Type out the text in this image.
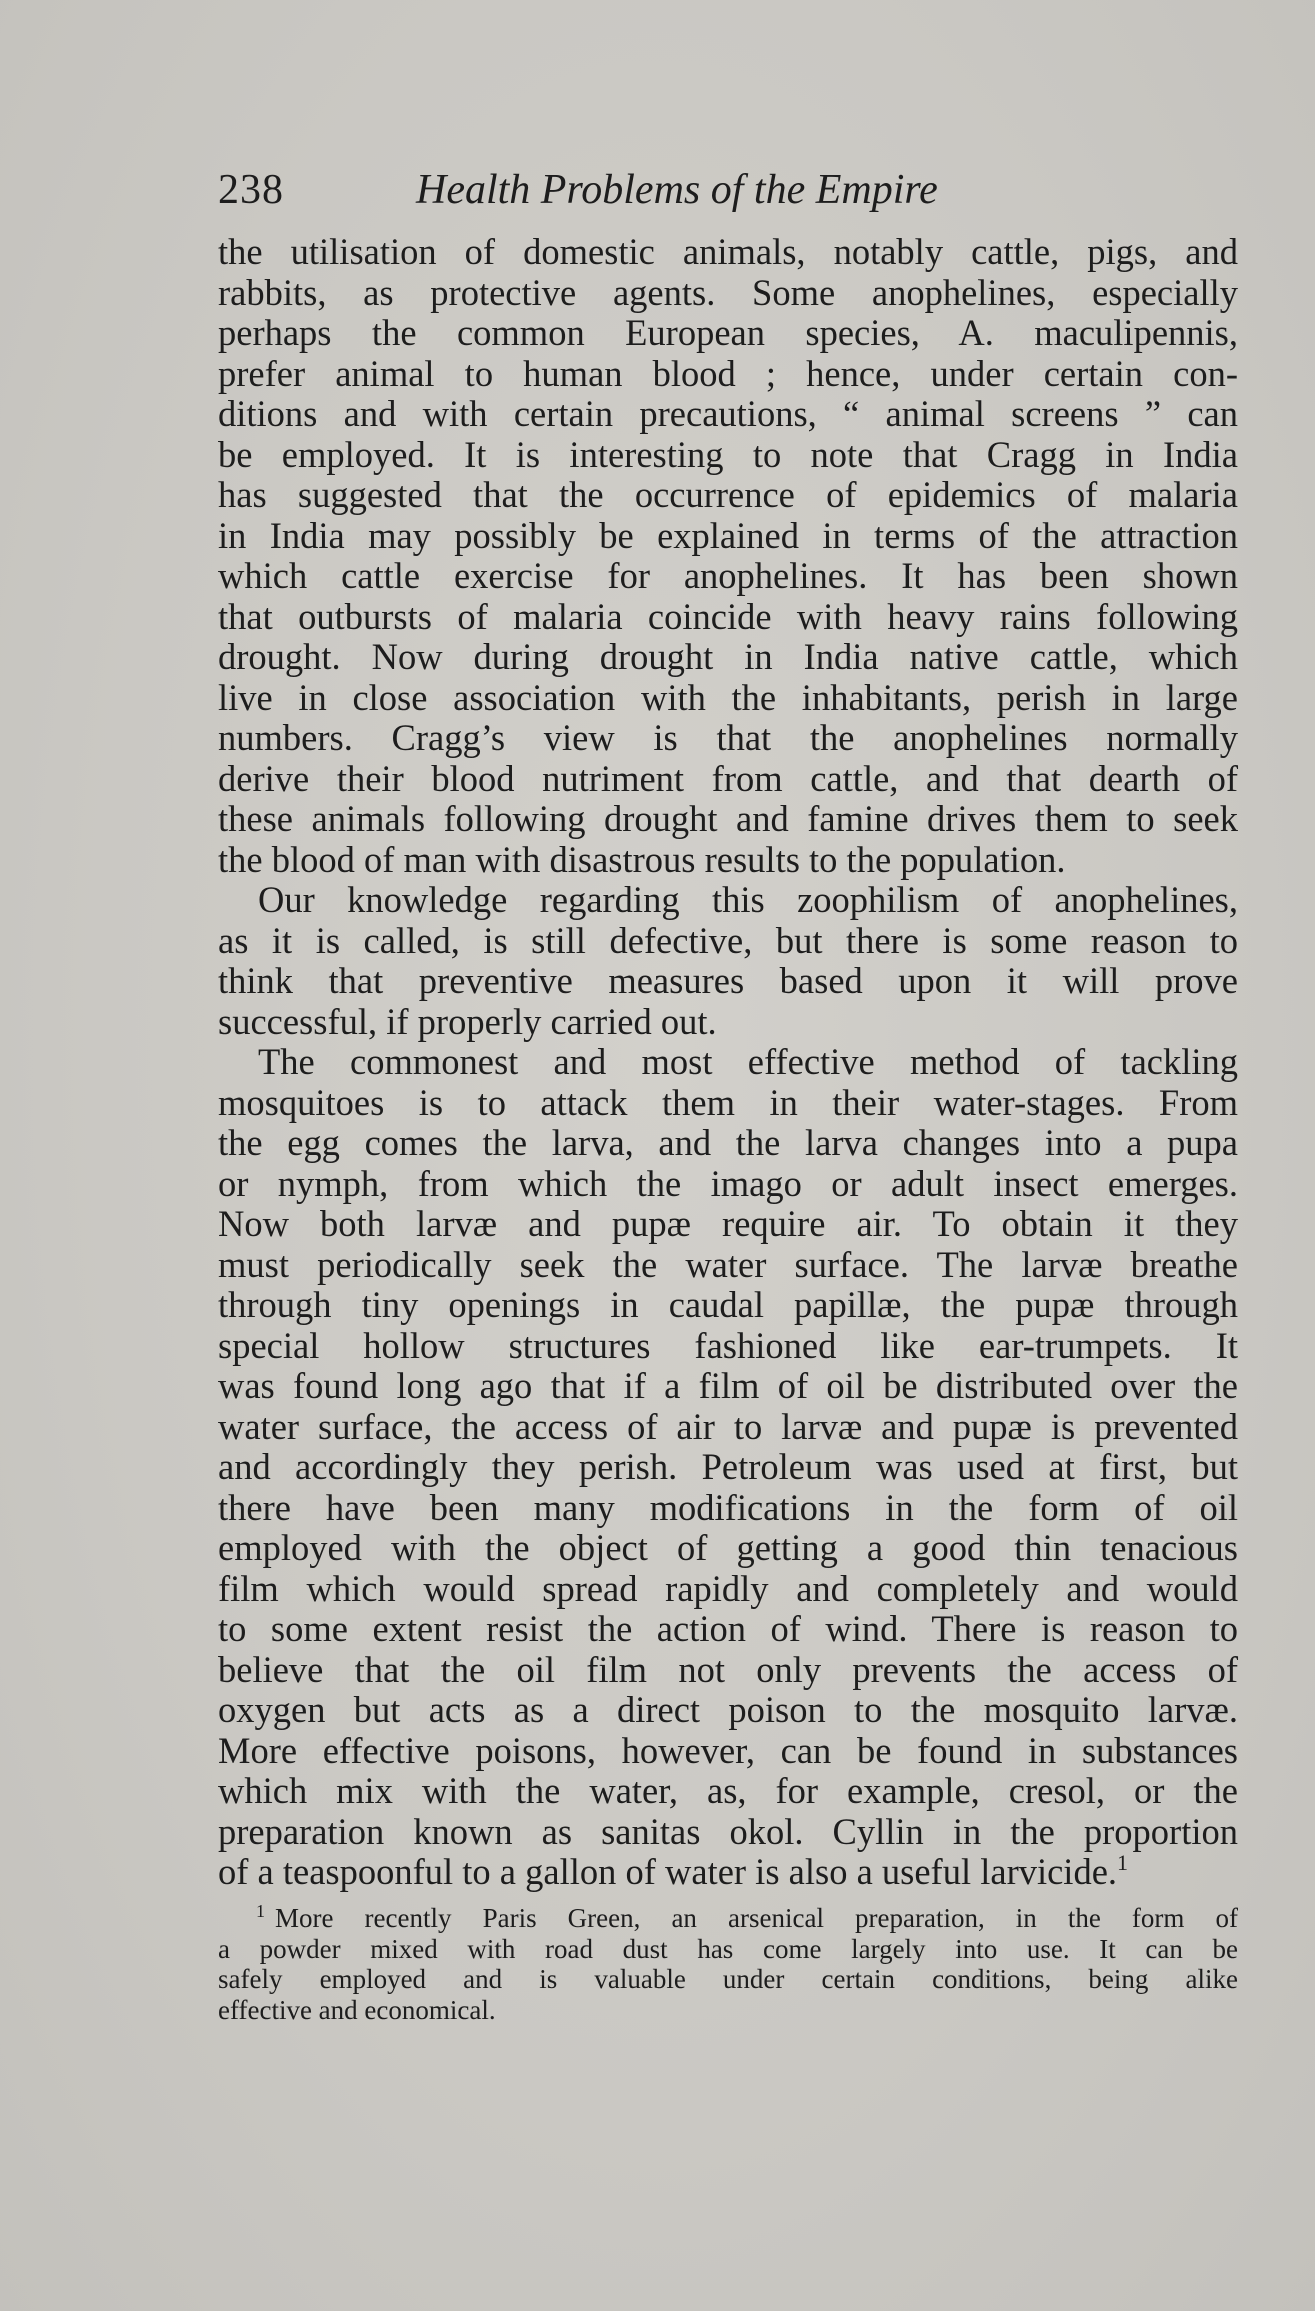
238	Health Problems of the Empire

the utilisation of domestic animals, notably cattle, pigs, and
rabbits, as protective agents. Some anophelines, especially
perhaps the common European species, A. maculipennis,
prefer animal to human blood ; hence, under certain con-
ditions and with certain precautions, “ animal screens ” can
be employed. It is interesting to note that Cragg in India
has suggested that the occurrence of epidemics of malaria
in India may possibly be explained in terms of the attraction
which cattle exercise for anophelines. It has been shown
that outbursts of malaria coincide with heavy rains following
drought. Now during drought in India native cattle, which
live in close association with the inhabitants, perish in large
numbers. Cragg’s view is that the anophelines normally
derive their blood nutriment from cattle, and that dearth of
these animals following drought and famine drives them to seek
the blood of man with disastrous results to the population.

Our knowledge regarding this zoophilism of anophelines,
as it is called, is still defective, but there is some reason to
think that preventive measures based upon it will prove
successful, if properly carried out.

The commonest and most effective method of tackling
mosquitoes is to attack them in their water-stages. From
the egg comes the larva, and the larva changes into a pupa
or nymph, from which the imago or adult insect emerges.
Now both larvæ and pupæ require air. To obtain it they
must periodically seek the water surface. The larvæ breathe
through tiny openings in caudal papillæ, the pupæ through
special hollow structures fashioned like ear-trumpets. It
was found long ago that if a film of oil be distributed over the
water surface, the access of air to larvæ and pupæ is prevented
and accordingly they perish. Petroleum was used at first, but
there have been many modifications in the form of oil
employed with the object of getting a good thin tenacious
film which would spread rapidly and completely and would
to some extent resist the action of wind. There is reason to
believe that the oil film not only prevents the access of
oxygen but acts as a direct poison to the mosquito larvæ.
More effective poisons, however, can be found in substances
which mix with the water, as, for example, cresol, or the
preparation known as sanitas okol. Cyllin in the proportion
of a teaspoonful to a gallon of water is also a useful larvicide.$^1$

$^1$ More recently Paris Green, an arsenical preparation, in the form of
a powder mixed with road dust has come largely into use. It can be
safely employed and is valuable under certain conditions, being alike
effective and economical.
